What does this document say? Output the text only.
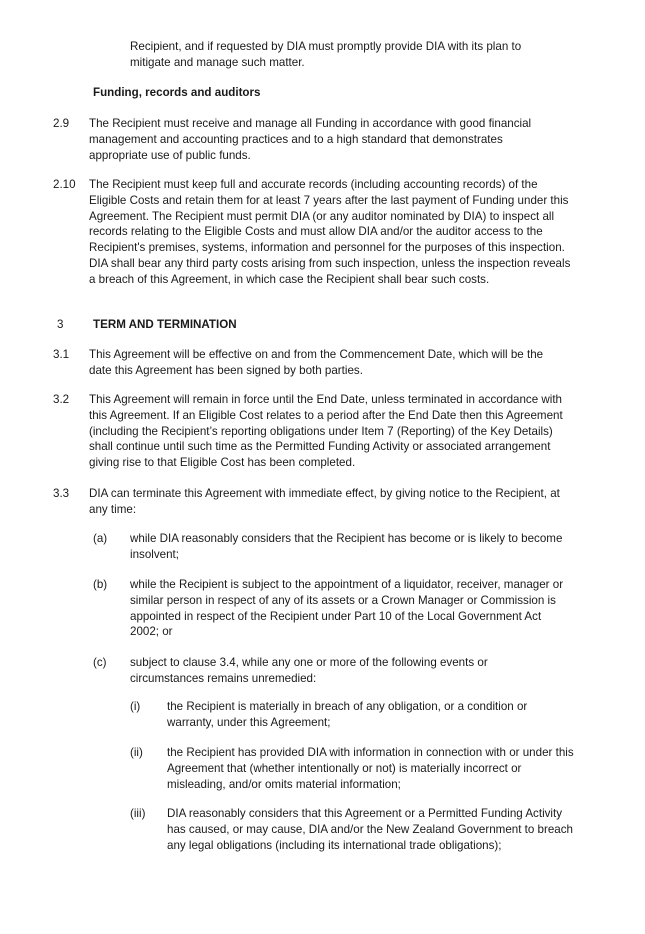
Recipient, and if requested by DIA must promptly provide DIA with its plan to mitigate and manage such matter.

Funding, records and auditors

2.9 The Recipient must receive and manage all Funding in accordance with good financial management and accounting practices and to a high standard that demonstrates appropriate use of public funds.

2.10 The Recipient must keep full and accurate records (including accounting records) of the Eligible Costs and retain them for at least 7 years after the last payment of Funding under this Agreement. The Recipient must permit DIA (or any auditor nominated by DIA) to inspect all records relating to the Eligible Costs and must allow DIA and/or the auditor access to the Recipient's premises, systems, information and personnel for the purposes of this inspection. DIA shall bear any third party costs arising from such inspection, unless the inspection reveals a breach of this Agreement, in which case the Recipient shall bear such costs.

3	TERM AND TERMINATION

3.1 This Agreement will be effective on and from the Commencement Date, which will be the date this Agreement has been signed by both parties.

3.2 This Agreement will remain in force until the End Date, unless terminated in accordance with this Agreement. If an Eligible Cost relates to a period after the End Date then this Agreement (including the Recipient’s reporting obligations under Item 7 (Reporting) of the Key Details) shall continue until such time as the Permitted Funding Activity or associated arrangement giving rise to that Eligible Cost has been completed.

3.3 DIA can terminate this Agreement with immediate effect, by giving notice to the Recipient, at any time:

(a) while DIA reasonably considers that the Recipient has become or is likely to become insolvent;

(b) while the Recipient is subject to the appointment of a liquidator, receiver, manager or similar person in respect of any of its assets or a Crown Manager or Commission is appointed in respect of the Recipient under Part 10 of the Local Government Act 2002; or

(c) subject to clause 3.4, while any one or more of the following events or circumstances remains unremedied:

(i) the Recipient is materially in breach of any obligation, or a condition or warranty, under this Agreement;

(ii) the Recipient has provided DIA with information in connection with or under this Agreement that (whether intentionally or not) is materially incorrect or misleading, and/or omits material information;

(iii) DIA reasonably considers that this Agreement or a Permitted Funding Activity has caused, or may cause, DIA and/or the New Zealand Government to breach any legal obligations (including its international trade obligations);
